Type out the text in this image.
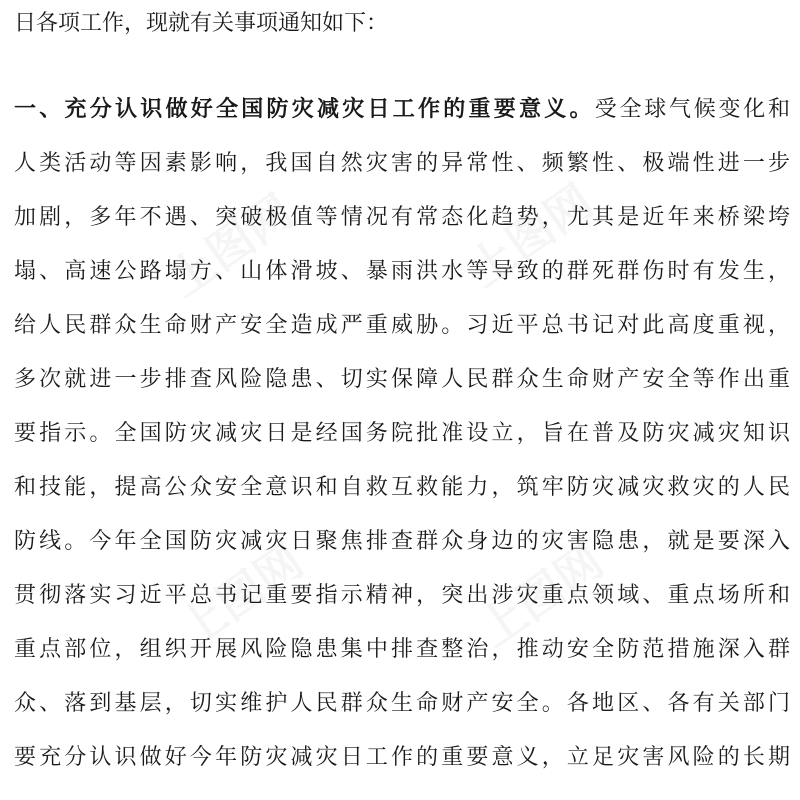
上图网	上图网
上图网	上图网
日各项工作，现就有关事项通知如下：
一、充分认识做好全国防灾减灾日工作的重要意义。受全球气候变化和
人类活动等因素影响，我国自然灾害的异常性、频繁性、极端性进一步
加剧，多年不遇、突破极值等情况有常态化趋势，尤其是近年来桥梁垮
塌、高速公路塌方、山体滑坡、暴雨洪水等导致的群死群伤时有发生，
给人民群众生命财产安全造成严重威胁。习近平总书记对此高度重视，
多次就进一步排查风险隐患、切实保障人民群众生命财产安全等作出重
要指示。全国防灾减灾日是经国务院批准设立，旨在普及防灾减灾知识
和技能，提高公众安全意识和自救互救能力，筑牢防灾减灾救灾的人民
防线。今年全国防灾减灾日聚焦排查群众身边的灾害隐患，就是要深入
贯彻落实习近平总书记重要指示精神，突出涉灾重点领域、重点场所和
重点部位，组织开展风险隐患集中排查整治，推动安全防范措施深入群
众、落到基层，切实维护人民群众生命财产安全。各地区、各有关部门
要充分认识做好今年防灾减灾日工作的重要意义，立足灾害风险的长期
